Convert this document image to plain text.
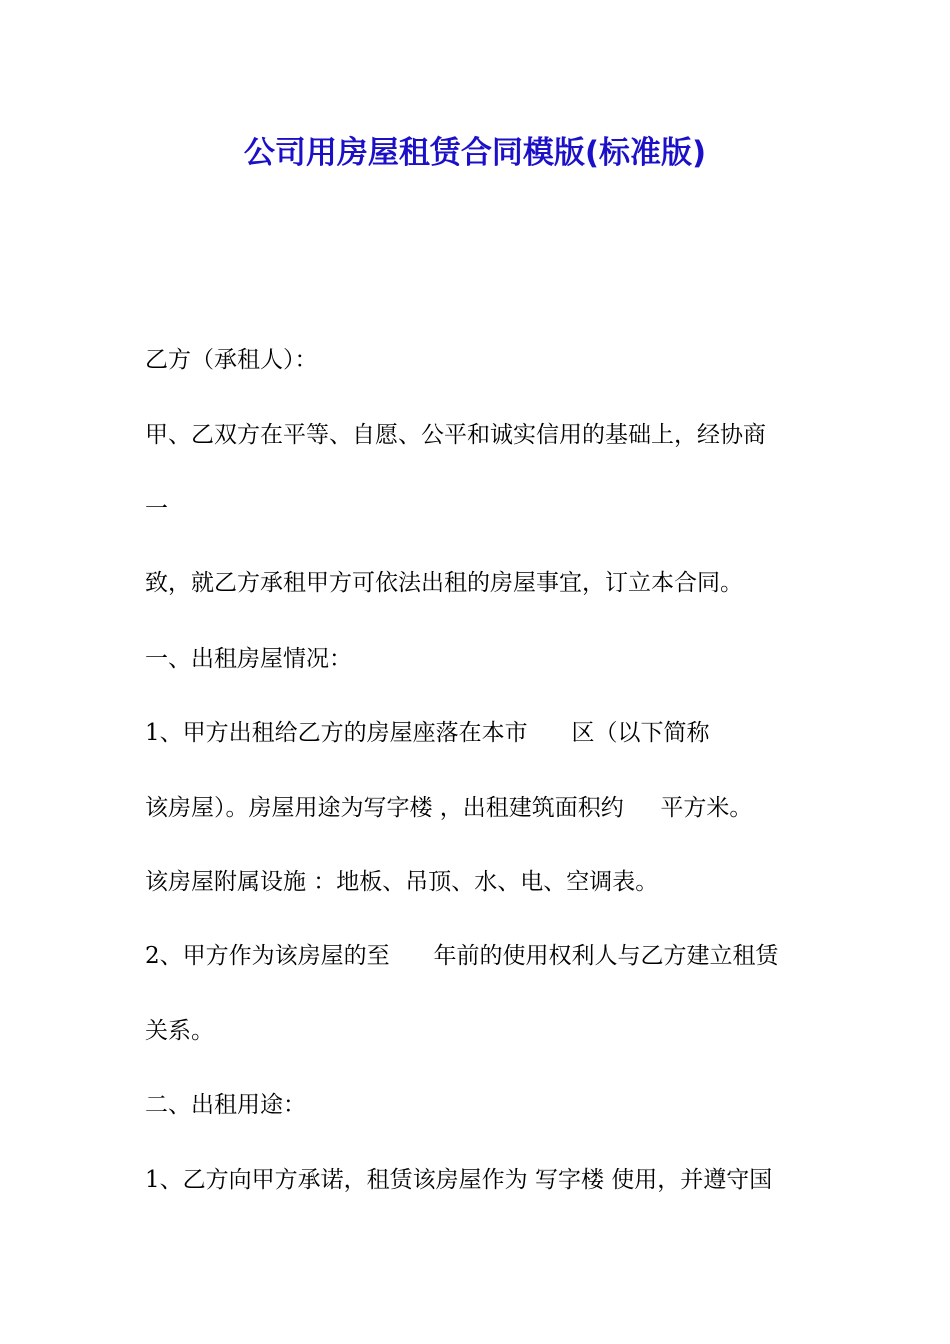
公司用房屋租赁合同模版(标准版)

乙方（承租人）：

甲、乙双方在平等、自愿、公平和诚实信用的基础上，经协商

一

致，就乙方承租甲方可依法出租的房屋事宜，订立本合同。

一、出租房屋情况：

1、甲方出租给乙方的房屋座落在本市      区（以下简称

该房屋）。房屋用途为写字楼 ，出租建筑面积约     平方米。

该房屋附属设施 ：地板、吊顶、水、电、空调表。

2、甲方作为该房屋的至      年前的使用权利人与乙方建立租赁

关系。

二、出租用途：

1、乙方向甲方承诺，租赁该房屋作为 写字楼 使用，并遵守国
